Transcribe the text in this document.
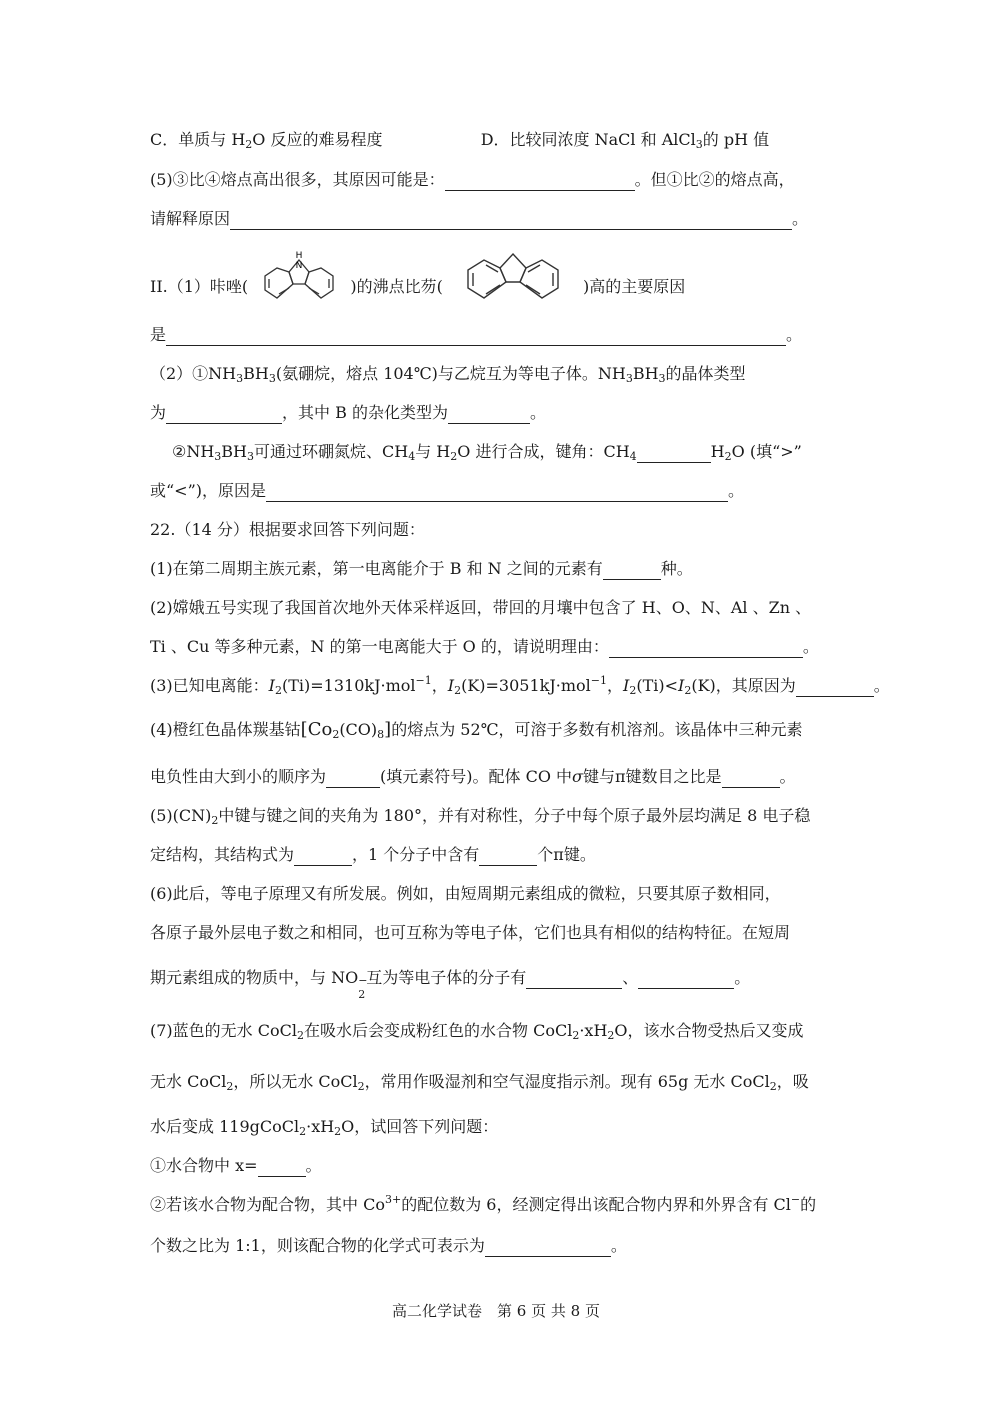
C．单质与 $H_2O$ 反应的难易程度	D．比较同浓度 NaCl 和 AlCl$_3$的 pH 值
(5)③比④熔点高出很多，其原因可能是：	。但①比②的熔点高，
请解释原因	。
II.（1）咔唑(
H
N
)的沸点比芴(	)高的主要原因
是	。
$(2)①NH_3BH_3$(氨硼烷，熔点 104℃)与乙烷互为等电子体。$NH_3BH_3$的晶体类型
为	，其中 B 的杂化类型为	。
$②NH_3BH_3$可通过环硼氮烷、$CH_4$与 $H_2O$ 进行合成，键角：$CH_4$	$H_2O$ (填“>”
或“<”)，原因是	。
22.（14 分）根据要求回答下列问题：
(1)在第二周期主族元素，第一电离能介于 B 和 N 之间的元素有	种。
(2)嫦娥五号实现了我国首次地外天体采样返回，带回的月壤中包含了 H、O、N、Al 、Zn 、
Ti 、Cu 等多种元素，N 的第一电离能大于 O 的，请说明理由：	。
(3)已知电离能：$I_2(Ti)=1310kJ\cdot mol^{-1}$，$I_2(K)=3051kJ\cdot mol^{-1}$，$I_2(Ti)<I_2(K)$，其原因为	。
(4)橙红色晶体羰基钴$[Co_2(CO)_8]$的熔点为 52℃，可溶于多数有机溶剂。该晶体中三种元素
电负性由大到小的顺序为	(填元素符号)。配体 CO 中σ键与π键数目之比是	。
$(5)(CN)_2$中键与键之间的夹角为 180°，并有对称性，分子中每个原子最外层均满足 8 电子稳
定结构，其结构式为	，1 个分子中含有	个π键。
(6)此后，等电子原理又有所发展。例如，由短周期元素组成的微粒，只要其原子数相同，
各原子最外层电子数之和相同，也可互称为等电子体，它们也具有相似的结构特征。在短周
期元素组成的物质中，与 NO −
2
互为等电子体的分子有	、	。
(7)蓝色的无水 CoCl$_2$在吸水后会变成粉红色的水合物 $CoCl_2\cdot xH_2O$，该水合物受热后又变成
无水 CoCl$_2$，所以无水 CoCl$_2$，常用作吸湿剂和空气湿度指示剂。现有 65g 无水 CoCl$_2$，吸
水后变成 $119gCoCl_2\cdot xH_2O$，试回答下列问题：
①水合物中 x=	。
②若该水合物为配合物，其中 $Co^{3+}$的配位数为 6，经测定得出该配合物内界和外界含有 Cl−的
个数之比为 1:1，则该配合物的化学式可表示为	。
高二化学试卷　第 6 页 共 8 页
